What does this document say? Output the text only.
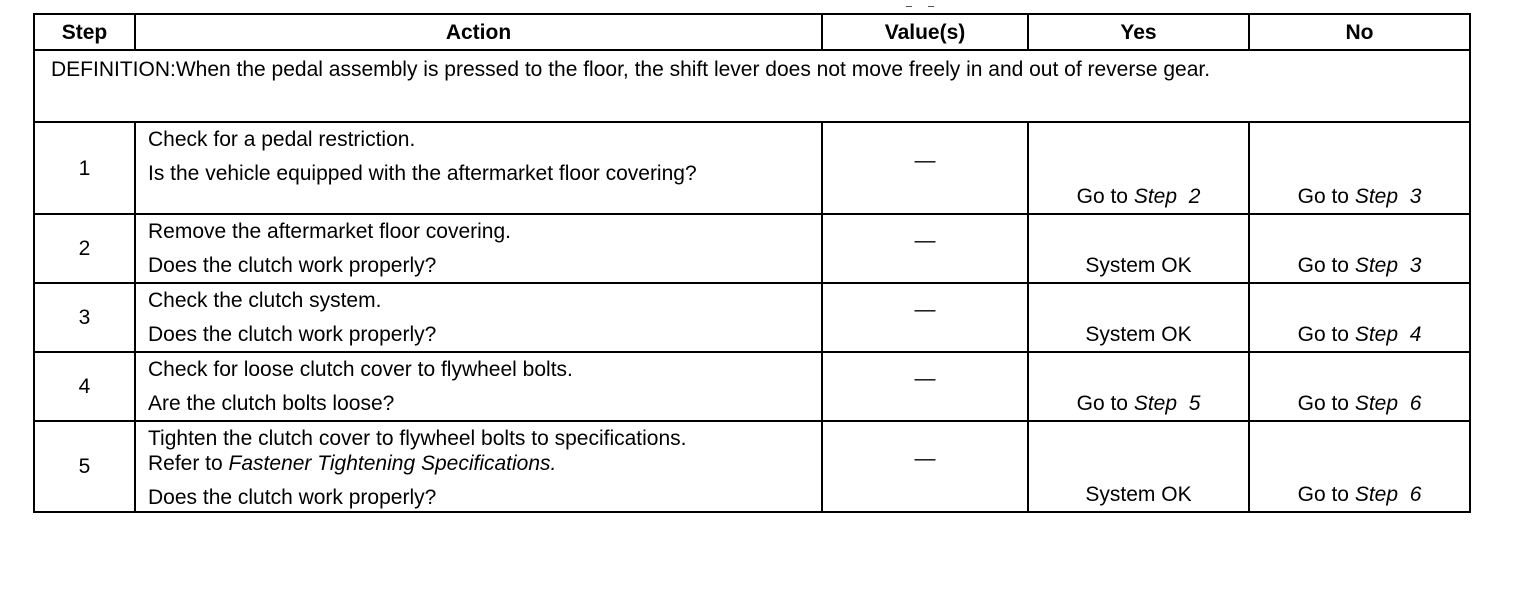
Step	Action	Value(s)	Yes	No
DEFINITION:When the pedal assembly is pressed to the floor, the shift lever does not move freely in and out of reverse gear.				
1	Check for a pedal restriction.

Is the vehicle equipped with the aftermarket floor covering?	—	Go to Step 2	Go to Step 3
2	Remove the aftermarket floor covering.

Does the clutch work properly?	—	System OK	Go to Step 3
3	Check the clutch system.

Does the clutch work properly?	—	System OK	Go to Step 4
4	Check for loose clutch cover to flywheel bolts.

Are the clutch bolts loose?	—	Go to Step 5	Go to Step 6
5	Tighten the clutch cover to flywheel bolts to specifications.
Refer to Fastener Tightening Specifications.

Does the clutch work properly?	—	System OK	Go to Step 6
